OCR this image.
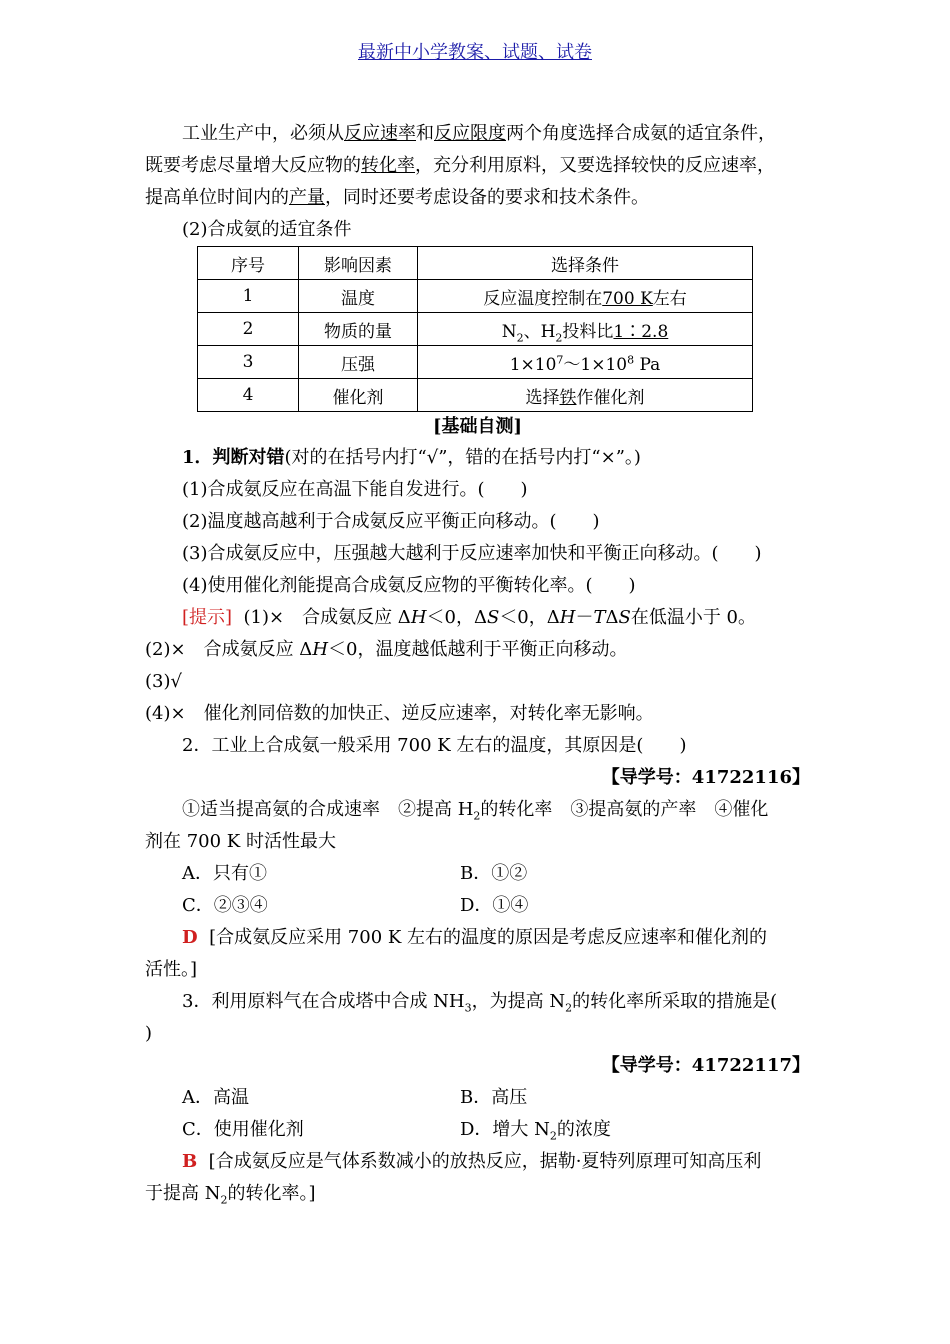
最新中小学教案、试题、试卷
工业生产中，必须从反应速率和反应限度两个角度选择合成氨的适宜条件，
既要考虑尽量增大反应物的转化率，充分利用原料，又要选择较快的反应速率，
提高单位时间内的产量，同时还要考虑设备的要求和技术条件。
(2)合成氨的适宜条件
序号	影响因素	选择条件
1	温度	反应温度控制在700 K左右
2	物质的量	$N_2$、$H_2$投料比1∶2.8
3	压强	$1\times 10^7\sim 1\times 10^8$ Pa
4	催化剂	选择铁作催化剂
[基础自测]
1．判断对错(对的在括号内打“√”，错的在括号内打“×”。)
(1)合成氨反应在高温下能自发进行。(　　)
(2)温度越高越利于合成氨反应平衡正向移动。(　　)
(3)合成氨反应中，压强越大越利于反应速率加快和平衡正向移动。(　　)
(4)使用催化剂能提高合成氨反应物的平衡转化率。(　　)
[提示] (1)×　合成氨反应 ΔH＜0，ΔS＜0，ΔH－TΔS在低温小于 0。
(2)×　合成氨反应 ΔH＜0，温度越低越利于平衡正向移动。
(3)√
(4)×　催化剂同倍数的加快正、逆反应速率，对转化率无影响。
2．工业上合成氨一般采用 700 K 左右的温度，其原因是(　　)
【导学号：41722116】
①适当提高氨的合成速率　②提高 $H_2$的转化率　③提高氨的产率　④催化
剂在 700 K 时活性最大
A．只有①	B．①②
C．②③④	D．①④
D [合成氨反应采用 700 K 左右的温度的原因是考虑反应速率和催化剂的
活性。]
3．利用原料气在合成塔中合成 $NH_3$，为提高 $N_2$的转化率所采取的措施是(
)
【导学号：41722117】
A．高温	B．高压
C．使用催化剂	D．增大 $N_2$的浓度
B [合成氨反应是气体系数减小的放热反应，据勒·夏特列原理可知高压利
于提高 $N_2$的转化率。]
